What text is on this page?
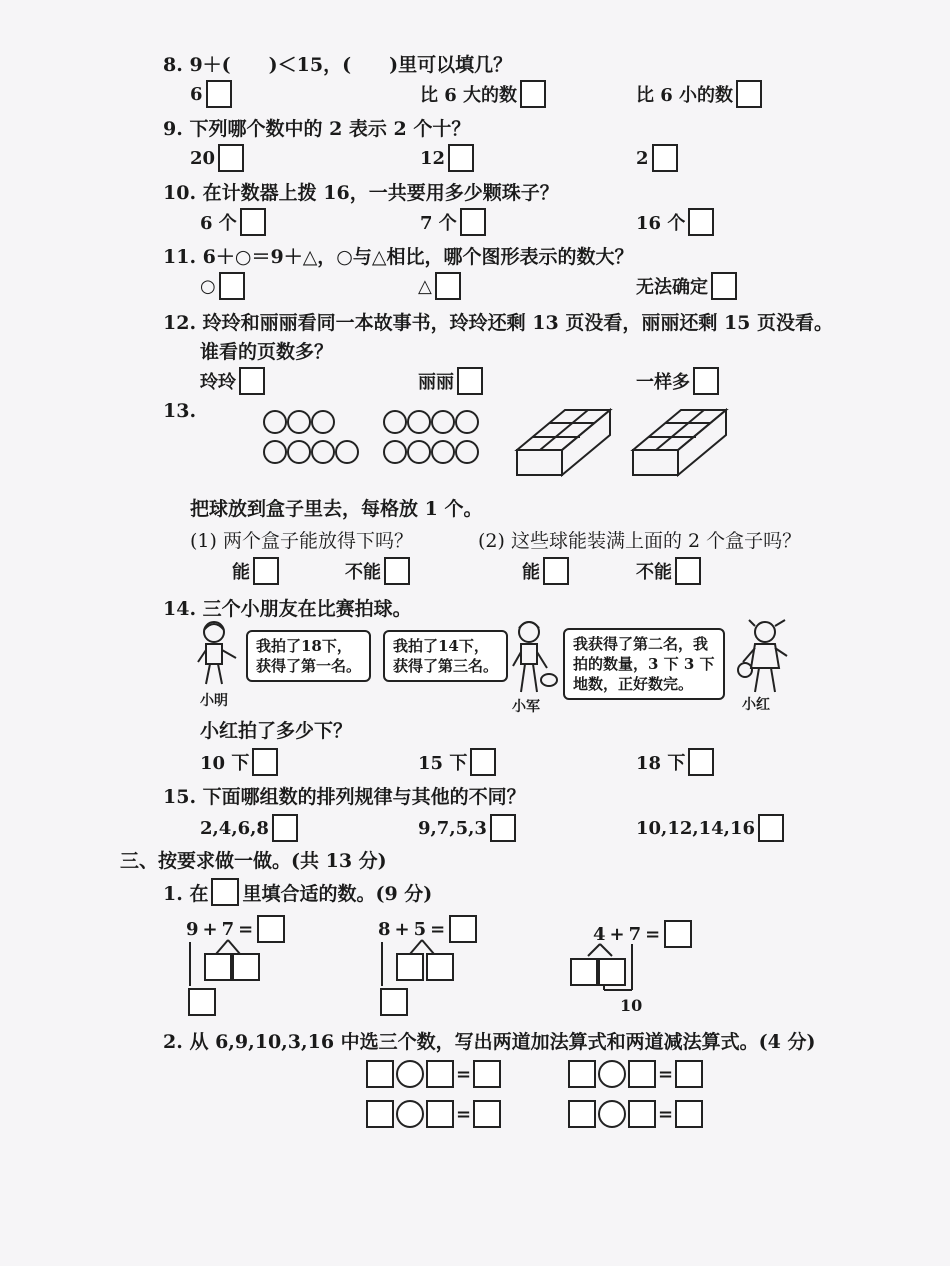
8. 9＋(　　)＜15，(　　)里可以填几？
6	比 6 大的数	比 6 小的数
9. 下列哪个数中的 2 表示 2 个十？
20	12	2
10. 在计数器上拨 16，一共要用多少颗珠子？
6 个	7 个	16 个
11. 6＋○＝9＋△，○与△相比，哪个图形表示的数大？
○	△	无法确定
12. 玲玲和丽丽看同一本故事书，玲玲还剩 13 页没看，丽丽还剩 15 页没看。
谁看的页数多？
玲玲	丽丽	一样多
13.
把球放到盒子里去，每格放 1 个。
(1) 两个盒子能放得下吗？	(2) 这些球能装满上面的 2 个盒子吗？
能	不能	能	不能
14. 三个小朋友在比赛拍球。
小明
我拍了18下，
获得了第一名。
我拍了14下，
获得了第三名。
小军
我获得了第二名，我
拍的数量，3 下 3 下
地数，正好数完。
小红
小红拍了多少下？
10 下	15 下	18 下
15. 下面哪组数的排列规律与其他的不同？
2,4,6,8	9,7,5,3	10,12,14,16
三、按要求做一做。(共 13 分)
1. 在 里填合适的数。(9 分)
9 + 7 =	8 + 5 =	4 + 7 =
10
2. 从 6,9,10,3,16 中选三个数，写出两道加法算式和两道减法算式。(4 分)
=	=
=	=
